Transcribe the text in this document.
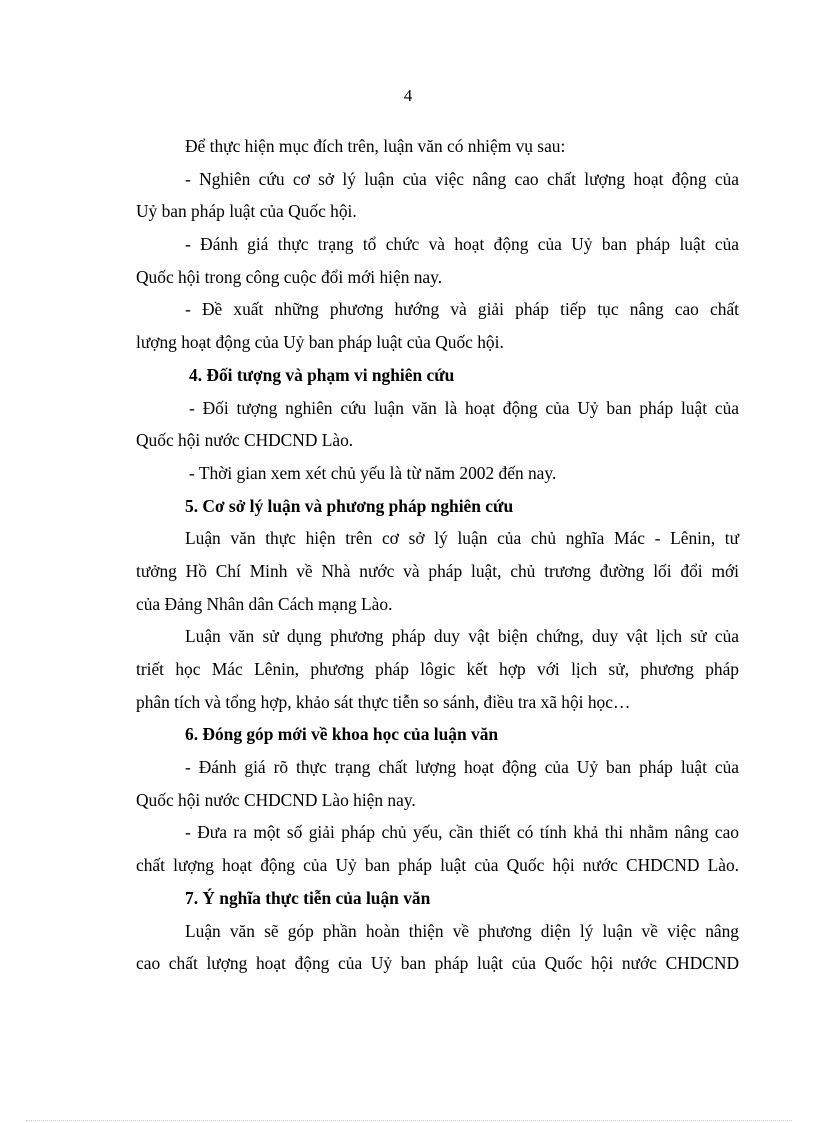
4
Để thực hiện mục đích trên, luận văn có nhiệm vụ sau:
- Nghiên cứu cơ sở lý luận của việc nâng cao chất lượng hoạt động của
Uỷ ban pháp luật của Quốc hội.
- Đánh giá thực trạng tổ chức và hoạt động của Uỷ ban pháp luật của
Quốc hội trong công cuộc đổi mới hiện nay.
- Đề xuất những phương hướng và giải pháp tiếp tục nâng cao chất
lượng hoạt động của Uỷ ban pháp luật của Quốc hội.
4. Đối tượng và phạm vi nghiên cứu
- Đối tượng nghiên cứu luận văn là hoạt động của Uỷ ban pháp luật của
Quốc hội nước CHDCND Lào.
- Thời gian xem xét chủ yếu là từ năm 2002 đến nay.
5. Cơ sở lý luận và phương pháp nghiên cứu
Luận văn thực hiện trên cơ sở lý luận của chủ nghĩa Mác - Lênin, tư
tưởng Hồ Chí Minh về Nhà nước và pháp luật, chủ trương đường lối đổi mới
của Đảng Nhân dân Cách mạng Lào.
Luận văn sử dụng phương pháp duy vật biện chứng, duy vật lịch sử của
triết học Mác Lênin, phương pháp lôgic kết hợp với lịch sử, phương pháp
phân tích và tổng hợp, khảo sát thực tiễn so sánh, điều tra xã hội học…
6. Đóng góp mới về khoa học của luận văn
- Đánh giá rõ thực trạng chất lượng hoạt động của Uỷ ban pháp luật của
Quốc hội nước CHDCND Lào hiện nay.
- Đưa ra một số giải pháp chủ yếu, cần thiết có tính khả thi nhằm nâng cao
chất lượng hoạt động của Uỷ ban pháp luật của Quốc hội nước CHDCND Lào.
7. Ý nghĩa thực tiễn của luận văn
Luận văn sẽ góp phần hoàn thiện về phương diện lý luận về việc nâng
cao chất lượng hoạt động của Uỷ ban pháp luật của Quốc hội nước CHDCND
